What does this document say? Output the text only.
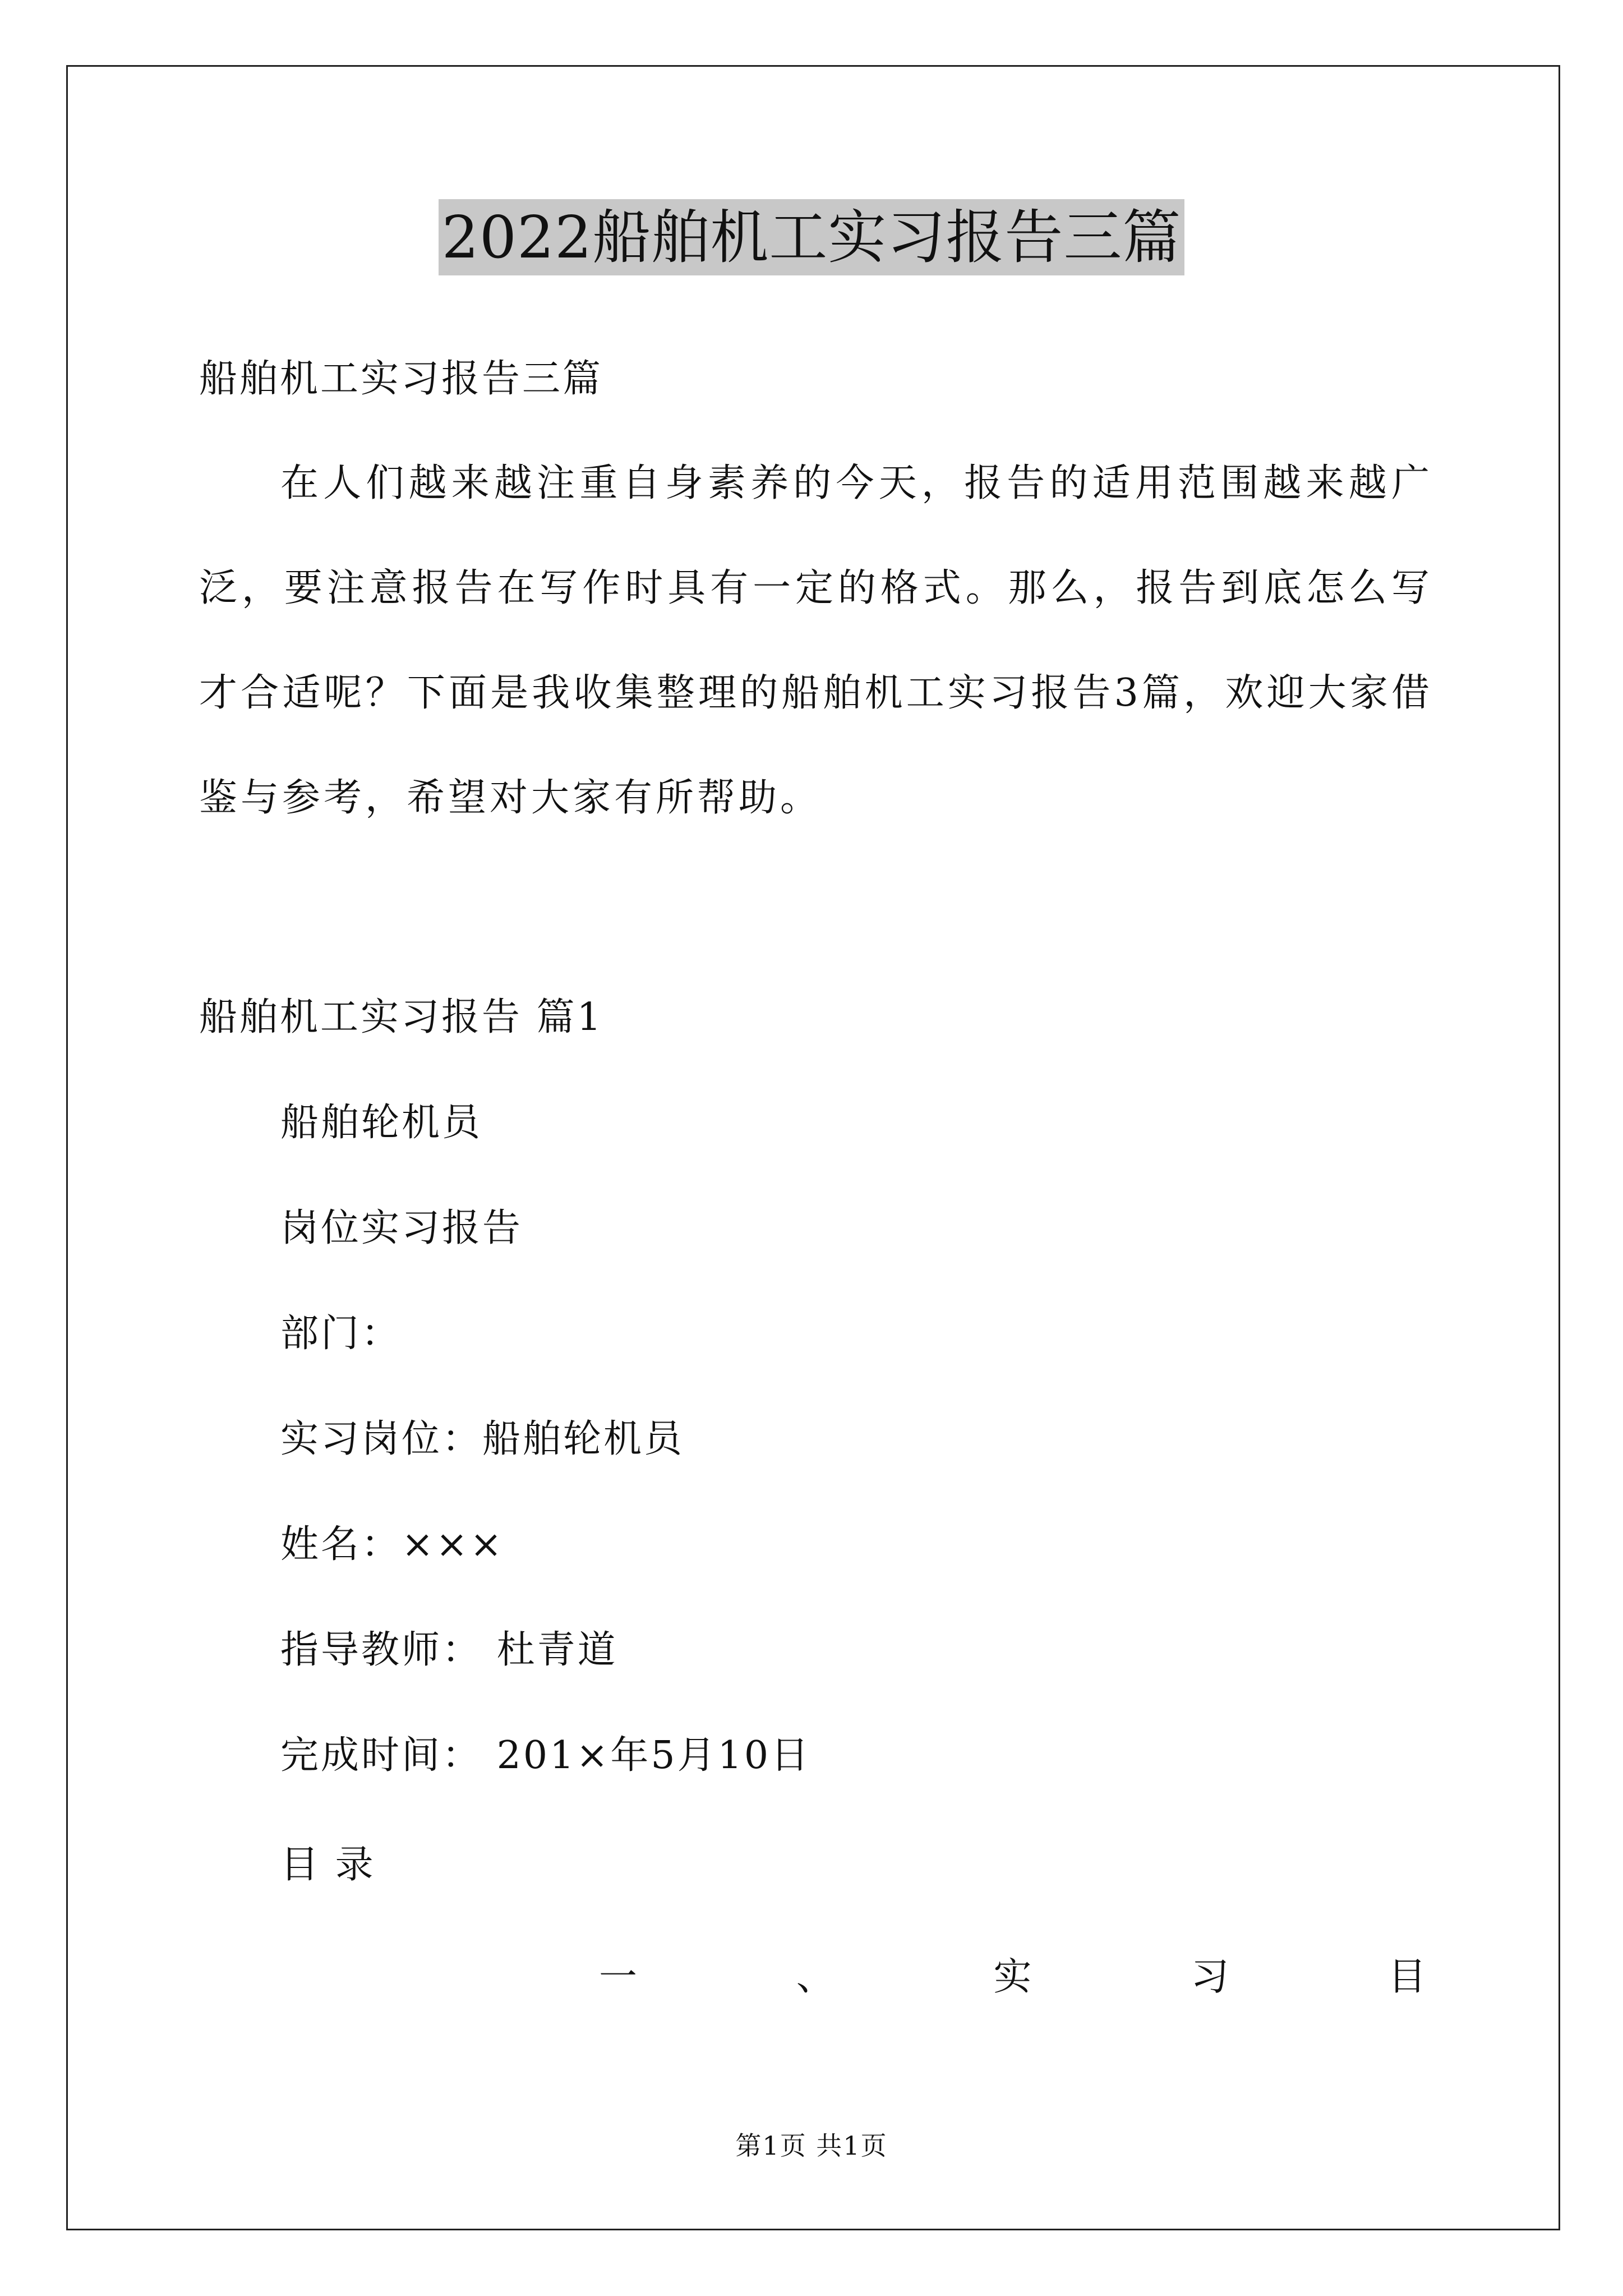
2022船舶机工实习报告三篇
船舶机工实习报告三篇

在人们越来越注重自身素养的今天，报告的适用范围越来越广泛，要注意报告在写作时具有一定的格式。那么，报告到底怎么写才合适呢？下面是我收集整理的船舶机工实习报告3篇，欢迎大家借鉴与参考，希望对大家有所帮助。

船舶机工实习报告 篇1
船舶轮机员
岗位实习报告
部门：
实习岗位：船舶轮机员
姓名：×××
指导教师： 杜青道
完成时间： 201×年5月10日
目 录
一	、	实	习	目
第1页 共1页
